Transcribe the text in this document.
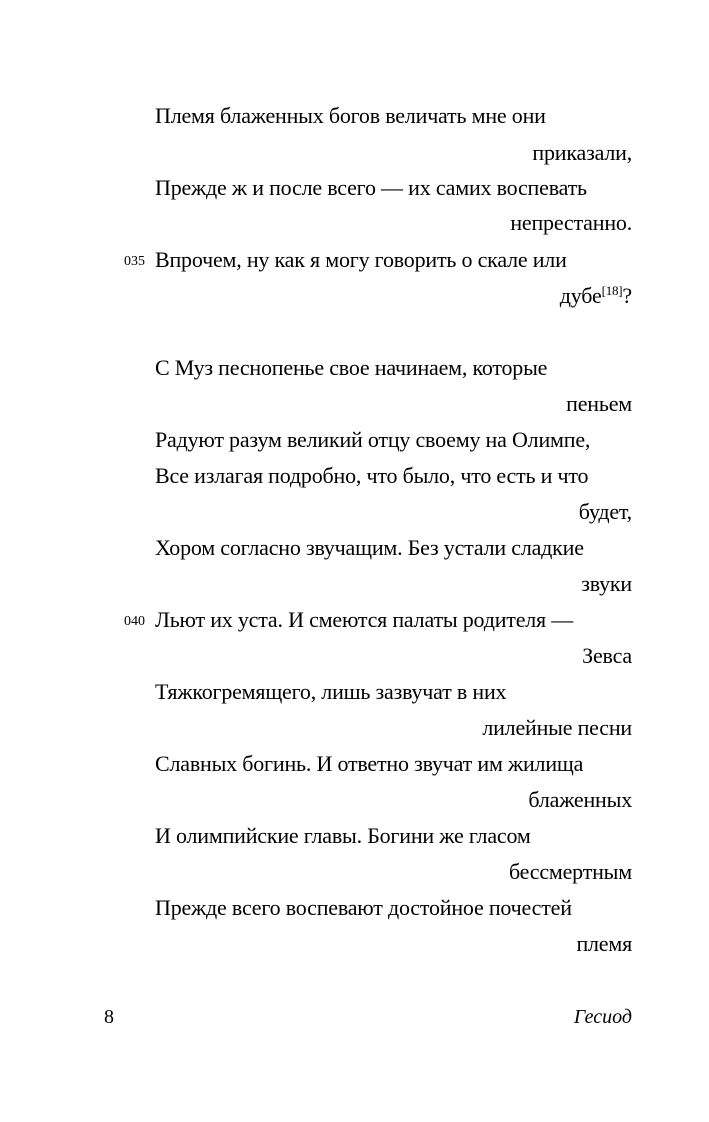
Племя блаженных богов величать мне они
приказали,
Прежде ж и после всего — их самих воспевать
непрестанно.
035 Впрочем, ну как я могу говорить о скале или
дубе[18]?
С Муз песнопенье свое начинаем, которые
пеньем
Радуют разум великий отцу своему на Олимпе,
Все излагая подробно, что было, что есть и что
будет,
Хором согласно звучащим. Без устали сладкие
звуки
040 Льют их уста. И смеются палаты родителя —
Зевса
Тяжкогремящего, лишь зазвучат в них
лилейные песни
Славных богинь. И ответно звучат им жилища
блаженных
И олимпийские главы. Богини же гласом
бессмертным
Прежде всего воспевают достойное почестей
племя
8	Гесиод
